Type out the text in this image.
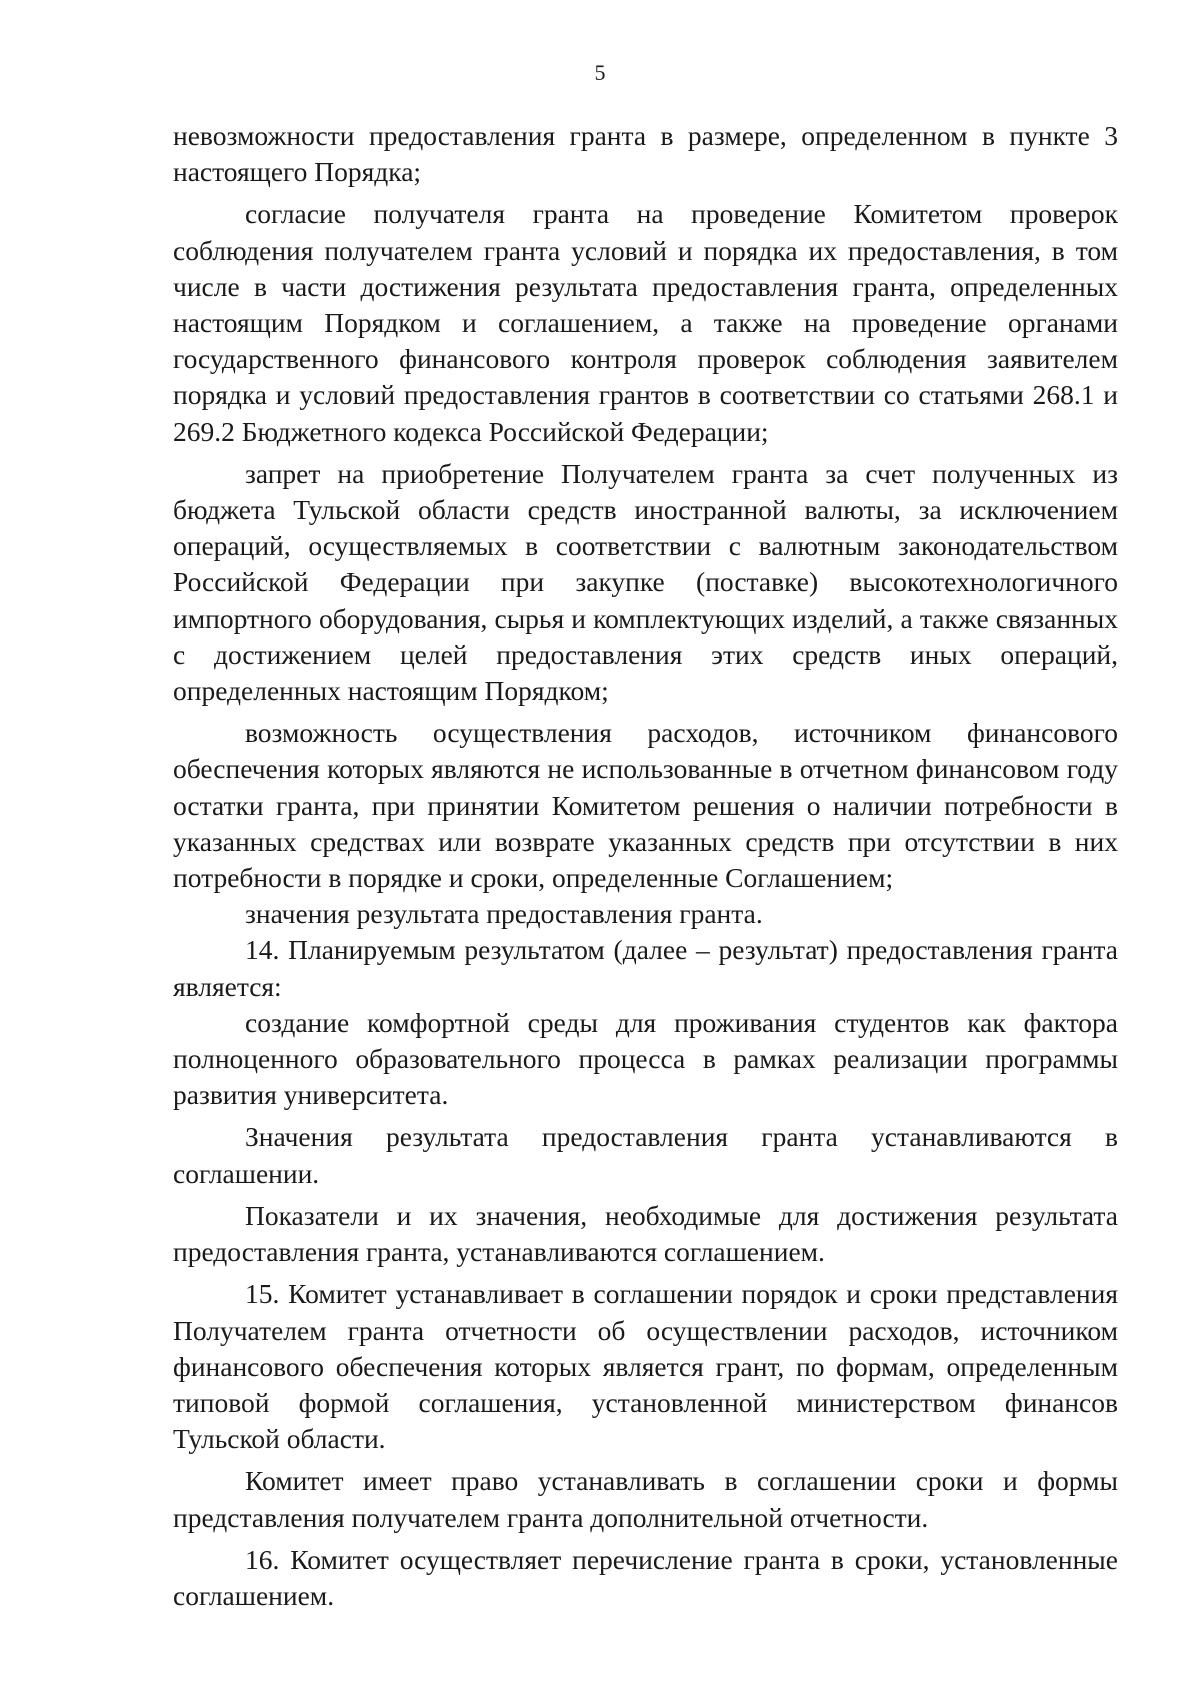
5

невозможности предоставления гранта в размере, определенном в пункте 3 настоящего Порядка;

согласие получателя гранта на проведение Комитетом проверок соблюдения получателем гранта условий и порядка их предоставления, в том числе в части достижения результата предоставления гранта, определенных настоящим Порядком и соглашением, а также на проведение органами государственного финансового контроля проверок соблюдения заявителем порядка и условий предоставления грантов в соответствии со статьями 268.1 и 269.2 Бюджетного кодекса Российской Федерации;

запрет на приобретение Получателем гранта за счет полученных из бюджета Тульской области средств иностранной валюты, за исключением операций, осуществляемых в соответствии с валютным законодательством Российской Федерации при закупке (поставке) высокотехнологичного импортного оборудования, сырья и комплектующих изделий, а также связанных с достижением целей предоставления этих средств иных операций, определенных настоящим Порядком;

возможность осуществления расходов, источником финансового обеспечения которых являются не использованные в отчетном финансовом году остатки гранта, при принятии Комитетом решения о наличии потребности в указанных средствах или возврате указанных средств при отсутствии в них потребности в порядке и сроки, определенные Соглашением;

значения результата предоставления гранта.

14. Планируемым результатом (далее – результат) предоставления гранта является:

создание комфортной среды для проживания студентов как фактора полноценного образовательного процесса в рамках реализации программы развития университета.

Значения результата предоставления гранта устанавливаются в соглашении.

Показатели и их значения, необходимые для достижения результата предоставления гранта, устанавливаются соглашением.

15. Комитет устанавливает в соглашении порядок и сроки представления Получателем гранта отчетности об осуществлении расходов, источником финансового обеспечения которых является грант, по формам, определенным типовой формой соглашения, установленной министерством финансов Тульской области.

Комитет имеет право устанавливать в соглашении сроки и формы представления получателем гранта дополнительной отчетности.

16. Комитет осуществляет перечисление гранта в сроки, установленные соглашением.
